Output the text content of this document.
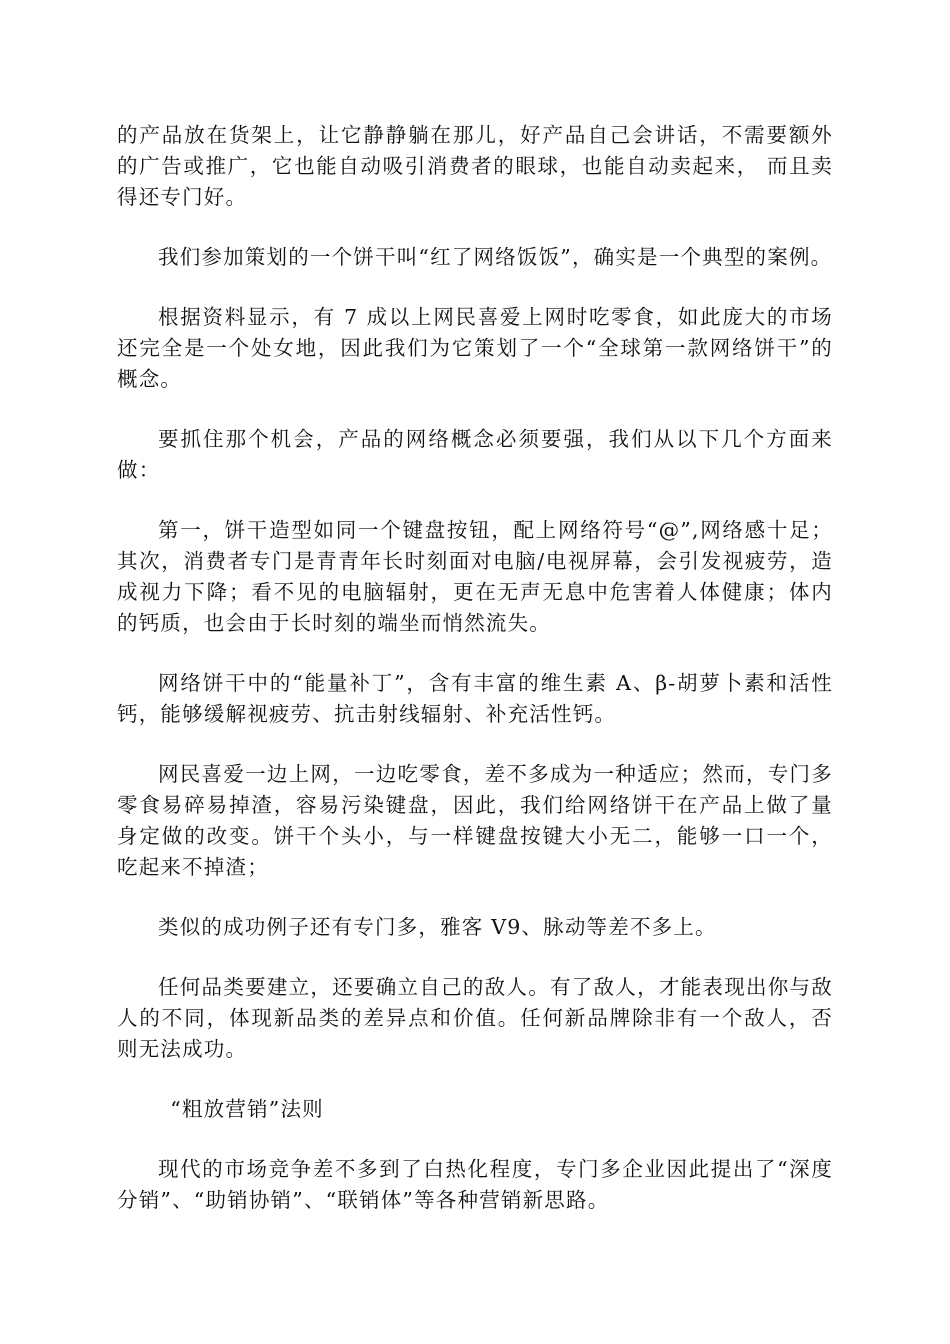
的产品放在货架上，让它静静躺在那儿，好产品自己会讲话，不需要额外的广告或推广，它也能自动吸引消费者的眼球，也能自动卖起来， 而且卖得还专门好。

我们参加策划的一个饼干叫“红了网络饭饭”，确实是一个典型的案例。

根据资料显示，有 7 成以上网民喜爱上网时吃零食，如此庞大的市场还完全是一个处女地，因此我们为它策划了一个“全球第一款网络饼干”的概念。

要抓住那个机会，产品的网络概念必须要强，我们从以下几个方面来做：

第一，饼干造型如同一个键盘按钮，配上网络符号“@”,网络感十足；其次，消费者专门是青青年长时刻面对电脑/电视屏幕，会引发视疲劳，造成视力下降；看不见的电脑辐射，更在无声无息中危害着人体健康；体内的钙质，也会由于长时刻的端坐而悄然流失。

网络饼干中的“能量补丁”，含有丰富的维生素 A、β-胡萝卜素和活性钙，能够缓解视疲劳、抗击射线辐射、补充活性钙。

网民喜爱一边上网，一边吃零食，差不多成为一种适应；然而，专门多零食易碎易掉渣，容易污染键盘，因此，我们给网络饼干在产品上做了量身定做的改变。饼干个头小，与一样键盘按键大小无二，能够一口一个，吃起来不掉渣；

类似的成功例子还有专门多，雅客 V9、脉动等差不多上。

任何品类要建立，还要确立自己的敌人。有了敌人，才能表现出你与敌人的不同，体现新品类的差异点和价值。任何新品牌除非有一个敌人，否则无法成功。

“粗放营销”法则

现代的市场竞争差不多到了白热化程度，专门多企业因此提出了“深度分销”、“助销协销”、“联销体”等各种营销新思路。
